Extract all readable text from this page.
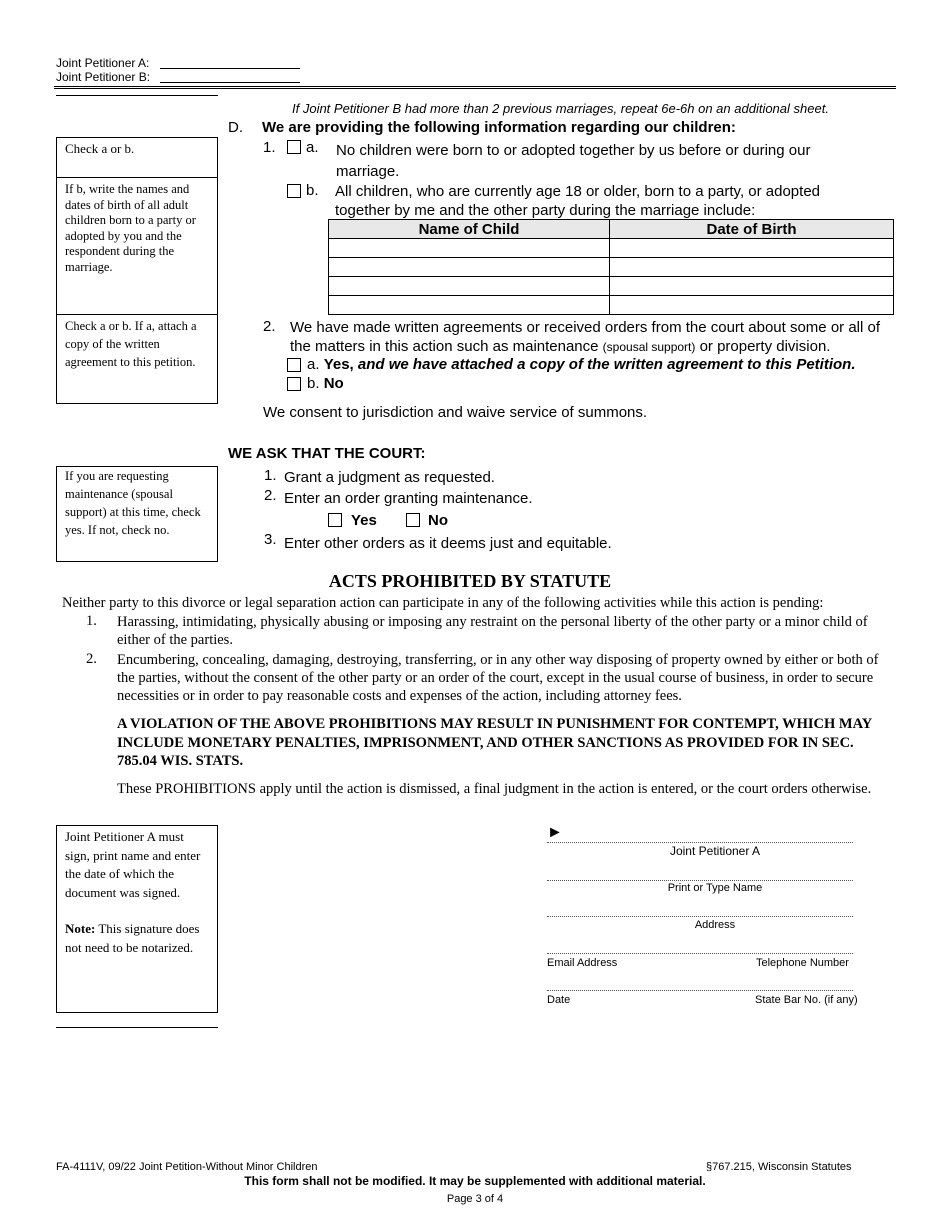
Joint Petitioner A:
Joint Petitioner B:
If Joint Petitioner B had more than 2 previous marriages, repeat 6e-6h on an additional sheet.
D. We are providing the following information regarding our children:
1. a. No children were born to or adopted together by us before or during our marriage.
b. All children, who are currently age 18 or older, born to a party, or adopted together by me and the other party during the marriage include:
Name of Child	Date of Birth

2. We have made written agreements or received orders from the court about some or all of the matters in this action such as maintenance (spousal support) or property division.
a. Yes, and we have attached a copy of the written agreement to this Petition.
b. No
We consent to jurisdiction and waive service of summons.
Check a or b.
If b, write the names and dates of birth of all adult children born to a party or adopted by you and the respondent during the marriage.
Check a or b. If a, attach a copy of the written agreement to this petition.
WE ASK THAT THE COURT:
If you are requesting maintenance (spousal support) at this time, check yes. If not, check no.
1. Grant a judgment as requested.
2. Enter an order granting maintenance.
Yes	No
3. Enter other orders as it deems just and equitable.
ACTS PROHIBITED BY STATUTE
Neither party to this divorce or legal separation action can participate in any of the following activities while this action is pending:
1. Harassing, intimidating, physically abusing or imposing any restraint on the personal liberty of the other party or a minor child of either of the parties.
2. Encumbering, concealing, damaging, destroying, transferring, or in any other way disposing of property owned by either or both of the parties, without the consent of the other party or an order of the court, except in the usual course of business, in order to secure necessities or in order to pay reasonable costs and expenses of the action, including attorney fees.
A VIOLATION OF THE ABOVE PROHIBITIONS MAY RESULT IN PUNISHMENT FOR CONTEMPT, WHICH MAY INCLUDE MONETARY PENALTIES, IMPRISONMENT, AND OTHER SANCTIONS AS PROVIDED FOR IN SEC. 785.04 WIS. STATS.
These PROHIBITIONS apply until the action is dismissed, a final judgment in the action is entered, or the court orders otherwise.
Joint Petitioner A must sign, print name and enter the date of which the document was signed.
Note: This signature does not need to be notarized.
►
Joint Petitioner A
Print or Type Name
Address
Email Address	Telephone Number
Date	State Bar No. (if any)
FA-4111V, 09/22 Joint Petition-Without Minor Children	§767.215, Wisconsin Statutes
This form shall not be modified. It may be supplemented with additional material.
Page 3 of 4
